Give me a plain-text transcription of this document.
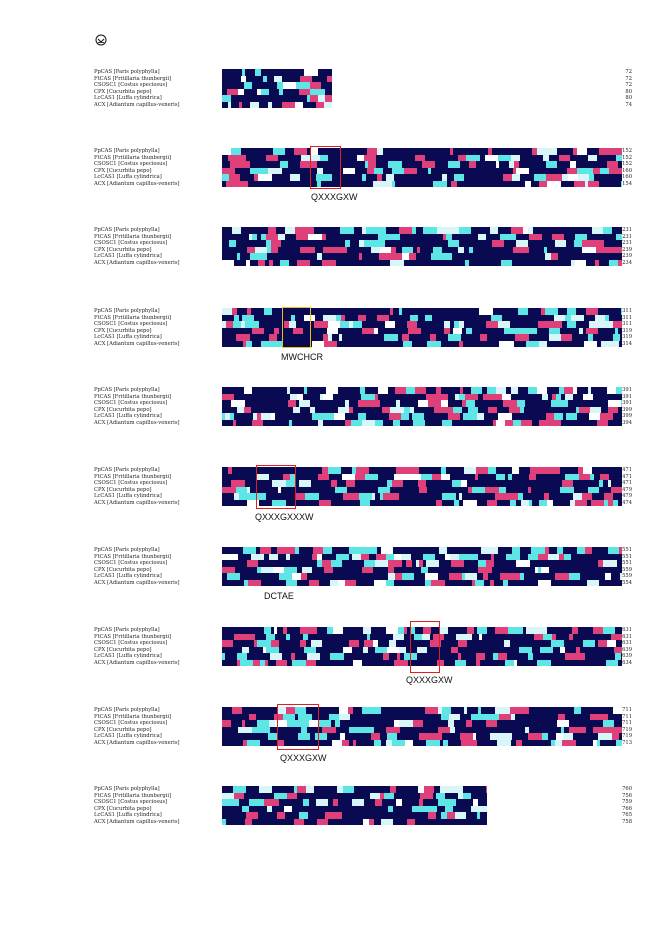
PpCAS [Paris polyphylla]
FtCAS [Fritillaria thunbergii]
CSOSC1 [Costus speciosus]
CPX [Cucurbita pepo]
LcCAS1 [Luffa cylindrica]
ACX [Adiantum capillus-veneris]
72
72
72
80
80
74
PpCAS [Paris polyphylla]
FtCAS [Fritillaria thunbergii]
CSOSC1 [Costus speciosus]
CPX [Cucurbita pepo]
LcCAS1 [Luffa cylindrica]
ACX [Adiantum capillus-veneris]
152
152
152
160
160
154
QXXXGXW
PpCAS [Paris polyphylla]
FtCAS [Fritillaria thunbergii]
CSOSC1 [Costus speciosus]
CPX [Cucurbita pepo]
LcCAS1 [Luffa cylindrica]
ACX [Adiantum capillus-veneris]
231
231
231
239
239
234
PpCAS [Paris polyphylla]
FtCAS [Fritillaria thunbergii]
CSOSC1 [Costus speciosus]
CPX [Cucurbita pepo]
LcCAS1 [Luffa cylindrica]
ACX [Adiantum capillus-veneris]
311
311
311
319
319
314
MWCHCR
PpCAS [Paris polyphylla]
FtCAS [Fritillaria thunbergii]
CSOSC1 [Costus speciosus]
CPX [Cucurbita pepo]
LcCAS1 [Luffa cylindrica]
ACX [Adiantum capillus-veneris]
391
391
391
399
399
394
PpCAS [Paris polyphylla]
FtCAS [Fritillaria thunbergii]
CSOSC1 [Costus speciosus]
CPX [Cucurbita pepo]
LcCAS1 [Luffa cylindrica]
ACX [Adiantum capillus-veneris]
471
471
471
479
479
474
QXXXGXXXW
PpCAS [Paris polyphylla]
FtCAS [Fritillaria thunbergii]
CSOSC1 [Costus speciosus]
CPX [Cucurbita pepo]
LcCAS1 [Luffa cylindrica]
ACX [Adiantum capillus-veneris]
551
551
551
559
559
554
DCTAE
PpCAS [Paris polyphylla]
FtCAS [Fritillaria thunbergii]
CSOSC1 [Costus speciosus]
CPX [Cucurbita pepo]
LcCAS1 [Luffa cylindrica]
ACX [Adiantum capillus-veneris]
631
631
631
639
639
634
QXXXGXW
PpCAS [Paris polyphylla]
FtCAS [Fritillaria thunbergii]
CSOSC1 [Costus speciosus]
CPX [Cucurbita pepo]
LcCAS1 [Luffa cylindrica]
ACX [Adiantum capillus-veneris]
711
711
711
719
719
713
QXXXGXW
PpCAS [Paris polyphylla]
FtCAS [Fritillaria thunbergii]
CSOSC1 [Costus speciosus]
CPX [Cucurbita pepo]
LcCAS1 [Luffa cylindrica]
ACX [Adiantum capillus-veneris]
760
756
759
766
765
758
